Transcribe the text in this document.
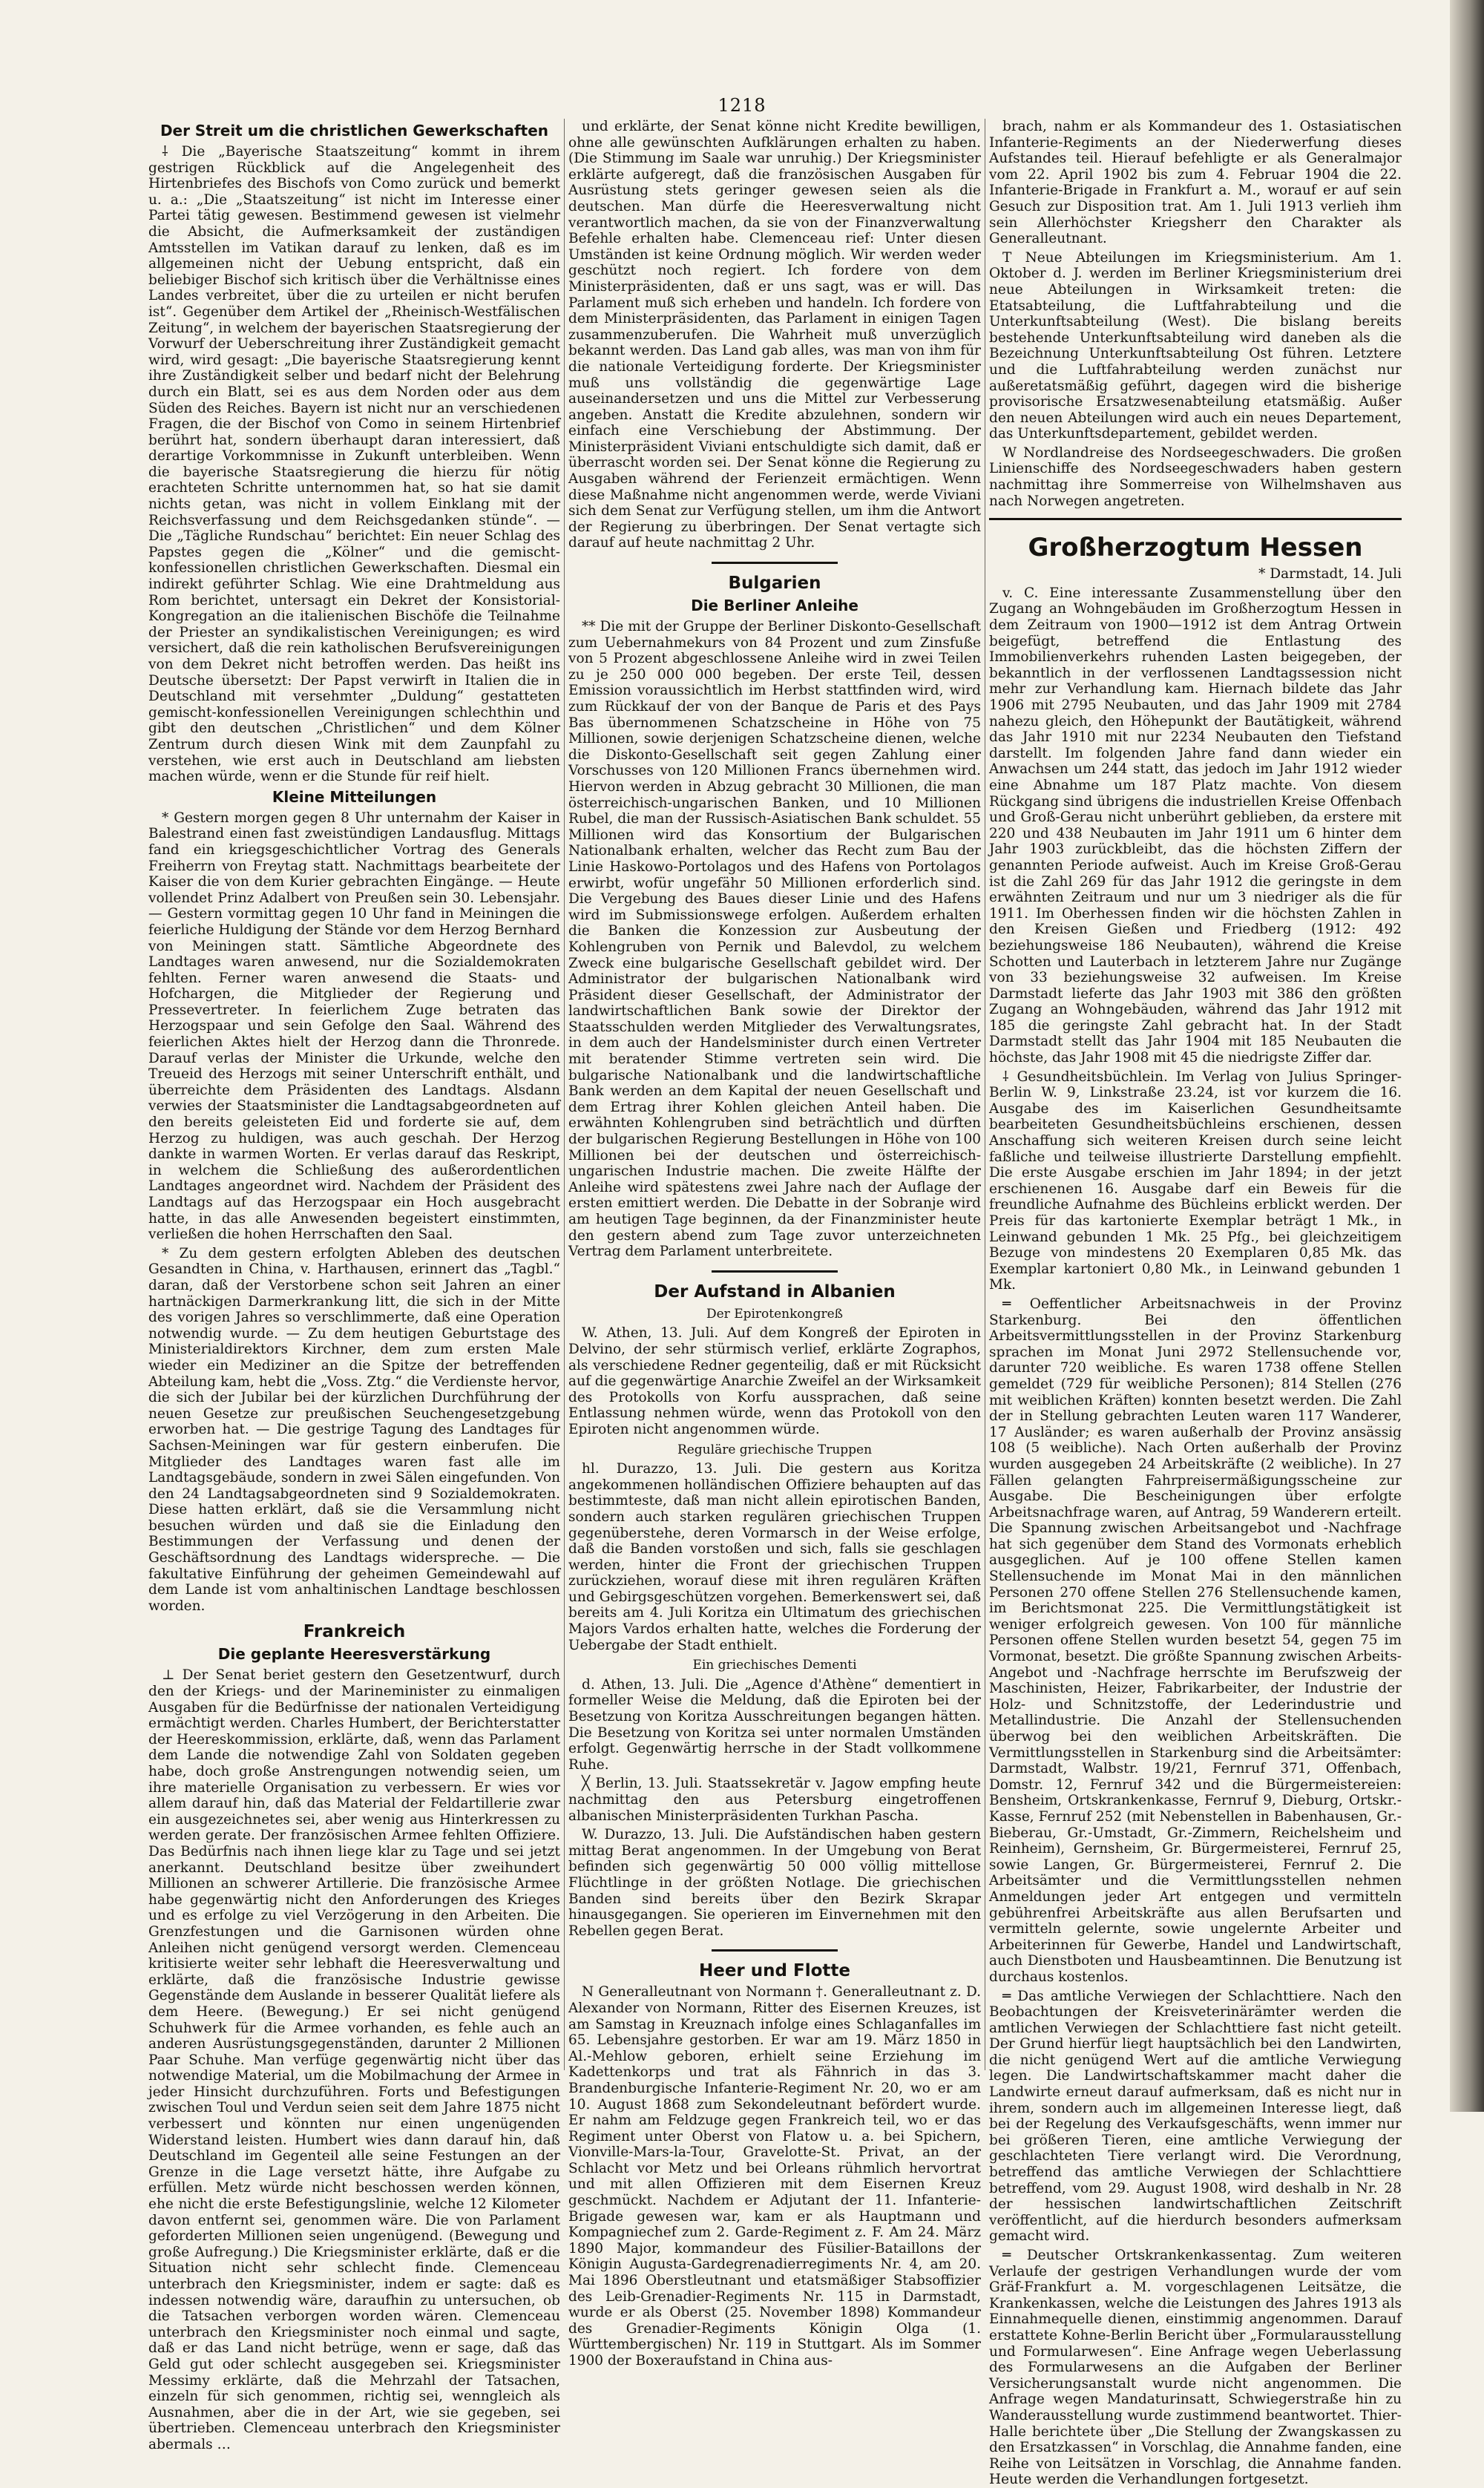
1218
Der Streit um die christlichen Gewerkschaften

⸸ Die „Bayerische Staatszeitung“ kommt in ihrem gestrigen Rückblick auf die Angelegenheit des Hirtenbriefes des Bischofs von Como zurück und bemerkt u. a.: „Die „Staatszeitung“ ist nicht im Interesse einer Partei tätig gewesen. Bestimmend gewesen ist vielmehr die Absicht, die Aufmerksamkeit der zuständigen Amtsstellen im Vatikan darauf zu lenken, daß es im allgemeinen nicht der Uebung entspricht, daß ein beliebiger Bischof sich kritisch über die Verhältnisse eines Landes verbreitet, über die zu urteilen er nicht berufen ist“. Gegenüber dem Artikel der „Rheinisch-Westfälischen Zeitung“, in welchem der bayerischen Staatsregierung der Vorwurf der Ueberschreitung ihrer Zuständigkeit gemacht wird, wird gesagt: „Die bayerische Staatsregierung kennt ihre Zuständigkeit selber und bedarf nicht der Belehrung durch ein Blatt, sei es aus dem Norden oder aus dem Süden des Reiches. Bayern ist nicht nur an verschiedenen Fragen, die der Bischof von Como in seinem Hirtenbrief berührt hat, sondern überhaupt daran interessiert, daß derartige Vorkommnisse in Zukunft unterbleiben. Wenn die bayerische Staatsregierung die hierzu für nötig erachteten Schritte unternommen hat, so hat sie damit nichts getan, was nicht in vollem Einklang mit der Reichsverfassung und dem Reichsgedanken stünde“. — Die „Tägliche Rundschau“ berichtet: Ein neuer Schlag des Papstes gegen die „Kölner“ und die gemischt-konfessionellen christlichen Gewerkschaften. Diesmal ein indirekt geführter Schlag. Wie eine Drahtmeldung aus Rom berichtet, untersagt ein Dekret der Konsistorial-Kongregation an die italienischen Bischöfe die Teilnahme der Priester an syndikalistischen Vereinigungen; es wird versichert, daß die rein katholischen Berufsvereinigungen von dem Dekret nicht betroffen werden. Das heißt ins Deutsche übersetzt: Der Papst verwirft in Italien die in Deutschland mit versehmter „Duldung“ gestatteten gemischt-konfessionellen Vereinigungen schlechthin und gibt den deutschen „Christlichen“ und dem Kölner Zentrum durch diesen Wink mit dem Zaunpfahl zu verstehen, wie erst auch in Deutschland am liebsten machen würde, wenn er die Stunde für reif hielt.

Kleine Mitteilungen

* Gestern morgen gegen 8 Uhr unternahm der Kaiser in Balestrand einen fast zweistündigen Landausflug. Mittags fand ein kriegsgeschichtlicher Vortrag des Generals Freiherrn von Freytag statt. Nachmittags bearbeitete der Kaiser die von dem Kurier gebrachten Eingänge. — Heute vollendet Prinz Adalbert von Preußen sein 30. Lebensjahr. — Gestern vormittag gegen 10 Uhr fand in Meiningen die feierliche Huldigung der Stände vor dem Herzog Bernhard von Meiningen statt. Sämtliche Abgeordnete des Landtages waren anwesend, nur die Sozialdemokraten fehlten. Ferner waren anwesend die Staats- und Hofchargen, die Mitglieder der Regierung und Pressevertreter. In feierlichem Zuge betraten das Herzogspaar und sein Gefolge den Saal. Während des feierlichen Aktes hielt der Herzog dann die Thronrede. Darauf verlas der Minister die Urkunde, welche den Treueid des Herzogs mit seiner Unterschrift enthält, und überreichte dem Präsidenten des Landtags. Alsdann verwies der Staatsminister die Landtagsabgeordneten auf den bereits geleisteten Eid und forderte sie auf, dem Herzog zu huldigen, was auch geschah. Der Herzog dankte in warmen Worten. Er verlas darauf das Reskript, in welchem die Schließung des außerordentlichen Landtages angeordnet wird. Nachdem der Präsident des Landtags auf das Herzogspaar ein Hoch ausgebracht hatte, in das alle Anwesenden begeistert einstimmten, verließen die hohen Herrschaften den Saal.

* Zu dem gestern erfolgten Ableben des deutschen Gesandten in China, v. Harthausen, erinnert das „Tagbl.“ daran, daß der Verstorbene schon seit Jahren an einer hartnäckigen Darmerkrankung litt, die sich in der Mitte des vorigen Jahres so verschlimmerte, daß eine Operation notwendig wurde. — Zu dem heutigen Geburtstage des Ministerialdirektors Kirchner, dem zum ersten Male wieder ein Mediziner an die Spitze der betreffenden Abteilung kam, hebt die „Voss. Ztg.“ die Verdienste hervor, die sich der Jubilar bei der kürzlichen Durchführung der neuen Gesetze zur preußischen Seuchengesetzgebung erworben hat. — Die gestrige Tagung des Landtages für Sachsen-Meiningen war für gestern einberufen. Die Mitglieder des Landtages waren fast alle im Landtagsgebäude, sondern in zwei Sälen eingefunden. Von den 24 Landtagsabgeordneten sind 9 Sozialdemokraten. Diese hatten erklärt, daß sie die Versammlung nicht besuchen würden und daß sie die Einladung den Bestimmungen der Verfassung und denen der Geschäftsordnung des Landtags widerspreche. — Die fakultative Einführung der geheimen Gemeindewahl auf dem Lande ist vom anhaltinischen Landtage beschlossen worden.

Frankreich
Die geplante Heeresverstärkung

⊥ Der Senat beriet gestern den Gesetzentwurf, durch den der Kriegs- und der Marineminister zu einmaligen Ausgaben für die Bedürfnisse der nationalen Verteidigung ermächtigt werden. Charles Humbert, der Berichterstatter der Heereskommission, erklärte, daß, wenn das Parlament dem Lande die notwendige Zahl von Soldaten gegeben habe, doch große Anstrengungen notwendig seien, um ihre materielle Organisation zu verbessern. Er wies vor allem darauf hin, daß das Material der Feldartillerie zwar ein ausgezeichnetes sei, aber wenig aus Hinterkressen zu werden gerate. Der französischen Armee fehlten Offiziere. Das Bedürfnis nach ihnen liege klar zu Tage und sei jetzt anerkannt. Deutschland besitze über zweihundert Millionen an schwerer Artillerie. Die französische Armee habe gegenwärtig nicht den Anforderungen des Krieges und es erfolge zu viel Verzögerung in den Arbeiten. Die Grenzfestungen und die Garnisonen würden ohne Anleihen nicht genügend versorgt werden. Clemenceau kritisierte weiter sehr lebhaft die Heeresverwaltung und erklärte, daß die französische Industrie gewisse Gegenstände dem Auslande in besserer Qualität liefere als dem Heere. (Bewegung.) Er sei nicht genügend Schuhwerk für die Armee vorhanden, es fehle auch an anderen Ausrüstungsgegenständen, darunter 2 Millionen Paar Schuhe. Man verfüge gegenwärtig nicht über das notwendige Material, um die Mobilmachung der Armee in jeder Hinsicht durchzuführen. Forts und Befestigungen zwischen Toul und Verdun seien seit dem Jahre 1875 nicht verbessert und könnten nur einen ungenügenden Widerstand leisten. Humbert wies dann darauf hin, daß Deutschland im Gegenteil alle seine Festungen an der Grenze in die Lage versetzt hätte, ihre Aufgabe zu erfüllen. Metz würde nicht beschossen werden können, ehe nicht die erste Befestigungslinie, welche 12 Kilometer davon entfernt sei, genommen wäre. Die von Parlament geforderten Millionen seien ungenügend. (Bewegung und große Aufregung.) Die Kriegsminister erklärte, daß er die Situation nicht sehr schlecht finde. Clemenceau unterbrach den Kriegsminister, indem er sagte: daß es indessen notwendig wäre, daraufhin zu untersuchen, ob die Tatsachen verborgen worden wären. Clemenceau unterbrach den Kriegsminister noch einmal und sagte, daß er das Land nicht betrüge, wenn er sage, daß das Geld gut oder schlecht ausgegeben sei. Kriegsminister Messimy erklärte, daß die Mehrzahl der Tatsachen, einzeln für sich genommen, richtig sei, wenngleich als Ausnahmen, aber die in der Art, wie sie gegeben, sei übertrieben. Clemenceau unterbrach den Kriegsminister abermals …

und erklärte, der Senat könne nicht Kredite bewilligen, ohne alle gewünschten Aufklärungen erhalten zu haben. (Die Stimmung im Saale war unruhig.) Der Kriegsminister erklärte aufgeregt, daß die französischen Ausgaben für Ausrüstung stets geringer gewesen seien als die deutschen. Man dürfe die Heeresverwaltung nicht verantwortlich machen, da sie von der Finanzverwaltung Befehle erhalten habe. Clemenceau rief: Unter diesen Umständen ist keine Ordnung möglich. Wir werden weder geschützt noch regiert. Ich fordere von dem Ministerpräsidenten, daß er uns sagt, was er will. Das Parlament muß sich erheben und handeln. Ich fordere von dem Ministerpräsidenten, das Parlament in einigen Tagen zusammenzuberufen. Die Wahrheit muß unverzüglich bekannt werden. Das Land gab alles, was man von ihm für die nationale Verteidigung forderte. Der Kriegsminister muß uns vollständig die gegenwärtige Lage auseinandersetzen und uns die Mittel zur Verbesserung angeben. Anstatt die Kredite abzulehnen, sondern wir einfach eine Verschiebung der Abstimmung. Der Ministerpräsident Viviani entschuldigte sich damit, daß er überrascht worden sei. Der Senat könne die Regierung zu Ausgaben während der Ferienzeit ermächtigen. Wenn diese Maßnahme nicht angenommen werde, werde Viviani sich dem Senat zur Verfügung stellen, um ihm die Antwort der Regierung zu überbringen. Der Senat vertagte sich darauf auf heute nachmittag 2 Uhr.

Bulgarien
Die Berliner Anleihe

** Die mit der Gruppe der Berliner Diskonto-Gesellschaft zum Uebernahmekurs von 84 Prozent und zum Zinsfuße von 5 Prozent abgeschlossene Anleihe wird in zwei Teilen zu je 250 000 000 begeben. Der erste Teil, dessen Emission voraussichtlich im Herbst stattfinden wird, wird zum Rückkauf der von der Banque de Paris et des Pays Bas übernommenen Schatzscheine in Höhe von 75 Millionen, sowie derjenigen Schatzscheine dienen, welche die Diskonto-Gesellschaft seit gegen Zahlung einer Vorschusses von 120 Millionen Francs übernehmen wird. Hiervon werden in Abzug gebracht 30 Millionen, die man österreichisch-ungarischen Banken, und 10 Millionen Rubel, die man der Russisch-Asiatischen Bank schuldet. 55 Millionen wird das Konsortium der Bulgarischen Nationalbank erhalten, welcher das Recht zum Bau der Linie Haskowo-Portolagos und des Hafens von Portolagos erwirbt, wofür ungefähr 50 Millionen erforderlich sind. Die Vergebung des Baues dieser Linie und des Hafens wird im Submissionswege erfolgen. Außerdem erhalten die Banken die Konzession zur Ausbeutung der Kohlengruben von Pernik und Balevdol, zu welchem Zweck eine bulgarische Gesellschaft gebildet wird. Der Administrator der bulgarischen Nationalbank wird Präsident dieser Gesellschaft, der Administrator der landwirtschaftlichen Bank sowie der Direktor der Staatsschulden werden Mitglieder des Verwaltungsrates, in dem auch der Handelsminister durch einen Vertreter mit beratender Stimme vertreten sein wird. Die bulgarische Nationalbank und die landwirtschaftliche Bank werden an dem Kapital der neuen Gesellschaft und dem Ertrag ihrer Kohlen gleichen Anteil haben. Die erwähnten Kohlengruben sind beträchtlich und dürften der bulgarischen Regierung Bestellungen in Höhe von 100 Millionen bei der deutschen und österreichisch-ungarischen Industrie machen. Die zweite Hälfte der Anleihe wird spätestens zwei Jahre nach der Auflage der ersten emittiert werden. Die Debatte in der Sobranje wird am heutigen Tage beginnen, da der Finanzminister heute den gestern abend zum Tage zuvor unterzeichneten Vertrag dem Parlament unterbreitete.

Der Aufstand in Albanien
Der Epirotenkongreß

W. Athen, 13. Juli. Auf dem Kongreß der Epiroten in Delvino, der sehr stürmisch verlief, erklärte Zographos, als verschiedene Redner gegenteilig, daß er mit Rücksicht auf die gegenwärtige Anarchie Zweifel an der Wirksamkeit des Protokolls von Korfu aussprachen, daß seine Entlassung nehmen würde, wenn das Protokoll von den Epiroten nicht angenommen würde.

Reguläre griechische Truppen

hl. Durazzo, 13. Juli. Die gestern aus Koritza angekommenen holländischen Offiziere behaupten auf das bestimmteste, daß man nicht allein epirotischen Banden, sondern auch starken regulären griechischen Truppen gegenüberstehe, deren Vormarsch in der Weise erfolge, daß die Banden vorstoßen und sich, falls sie geschlagen werden, hinter die Front der griechischen Truppen zurückziehen, worauf diese mit ihren regulären Kräften und Gebirgsgeschützen vorgehen. Bemerkenswert sei, daß bereits am 4. Juli Koritza ein Ultimatum des griechischen Majors Vardos erhalten hatte, welches die Forderung der Uebergabe der Stadt enthielt.

Ein griechisches Dementi

d. Athen, 13. Juli. Die „Agence d'Athène“ dementiert in formeller Weise die Meldung, daß die Epiroten bei der Besetzung von Koritza Ausschreitungen begangen hätten. Die Besetzung von Koritza sei unter normalen Umständen erfolgt. Gegenwärtig herrsche in der Stadt vollkommene Ruhe.

╳ Berlin, 13. Juli. Staatssekretär v. Jagow empfing heute nachmittag den aus Petersburg eingetroffenen albanischen Ministerpräsidenten Turkhan Pascha.

W. Durazzo, 13. Juli. Die Aufständischen haben gestern mittag Berat angenommen. In der Umgebung von Berat befinden sich gegenwärtig 50 000 völlig mittellose Flüchtlinge in der größten Notlage. Die griechischen Banden sind bereits über den Bezirk Skrapar hinausgegangen. Sie operieren im Einvernehmen mit den Rebellen gegen Berat.

Heer und Flotte

N Generalleutnant von Normann †. Generalleutnant z. D. Alexander von Normann, Ritter des Eisernen Kreuzes, ist am Samstag in Kreuznach infolge eines Schlaganfalles im 65. Lebensjahre gestorben. Er war am 19. März 1850 in Al.-Mehlow geboren, erhielt seine Erziehung im Kadettenkorps und trat als Fähnrich in das 3. Brandenburgische Infanterie-Regiment Nr. 20, wo er am 10. August 1868 zum Sekondeleutnant befördert wurde. Er nahm am Feldzuge gegen Frankreich teil, wo er das Regiment unter Oberst von Flatow u. a. bei Spichern, Vionville-Mars-la-Tour, Gravelotte-St. Privat, an der Schlacht vor Metz und bei Orleans rühmlich hervortrat und mit allen Offizieren mit dem Eisernen Kreuz geschmückt. Nachdem er Adjutant der 11. Infanterie-Brigade gewesen war, kam er als Hauptmann und Kompagniechef zum 2. Garde-Regiment z. F. Am 24. März 1890 Major, kommandeur des Füsilier-Bataillons der Königin Augusta-Gardegrenadierregiments Nr. 4, am 20. Mai 1896 Oberstleutnant und etatsmäßiger Stabsoffizier des Leib-Grenadier-Regiments Nr. 115 in Darmstadt, wurde er als Oberst (25. November 1898) Kommandeur des Grenadier-Regiments Königin Olga (1. Württembergischen) Nr. 119 in Stuttgart. Als im Sommer 1900 der Boxeraufstand in China aus-

brach, nahm er als Kommandeur des 1. Ostasiatischen Infanterie-Regiments an der Niederwerfung dieses Aufstandes teil. Hierauf befehligte er als Generalmajor vom 22. April 1902 bis zum 4. Februar 1904 die 22. Infanterie-Brigade in Frankfurt a. M., worauf er auf sein Gesuch zur Disposition trat. Am 1. Juli 1913 verlieh ihm sein Allerhöchster Kriegsherr den Charakter als Generalleutnant.

T Neue Abteilungen im Kriegsministerium. Am 1. Oktober d. J. werden im Berliner Kriegsministerium drei neue Abteilungen in Wirksamkeit treten: die Etatsabteilung, die Luftfahrabteilung und die Unterkunftsabteilung (West). Die bislang bereits bestehende Unterkunftsabteilung wird daneben als die Bezeichnung Unterkunftsabteilung Ost führen. Letztere und die Luftfahrabteilung werden zunächst nur außeretatsmäßig geführt, dagegen wird die bisherige provisorische Ersatzwesenabteilung etatsmäßig. Außer den neuen Abteilungen wird auch ein neues Departement, das Unterkunftsdepartement, gebildet werden.

W Nordlandreise des Nordseegeschwaders. Die großen Linienschiffe des Nordseegeschwaders haben gestern nachmittag ihre Sommerreise von Wilhelmshaven aus nach Norwegen angetreten.

Großherzogtum Hessen

* Darmstadt, 14. Juli

v. C. Eine interessante Zusammenstellung über den Zugang an Wohngebäuden im Großherzogtum Hessen in dem Zeitraum von 1900—1912 ist dem Antrag Ortwein beigefügt, betreffend die Entlastung des Immobilienverkehrs ruhenden Lasten beigegeben, der bekanntlich in der verflossenen Landtagssession nicht mehr zur Verhandlung kam. Hiernach bildete das Jahr 1906 mit 2795 Neubauten, und das Jahr 1909 mit 2784 nahezu gleich, den Höhepunkt der Bautätigkeit, während das Jahr 1910 mit nur 2234 Neubauten den Tiefstand darstellt. Im folgenden Jahre fand dann wieder ein Anwachsen um 244 statt, das jedoch im Jahr 1912 wieder eine Abnahme um 187 Platz machte. Von diesem Rückgang sind übrigens die industriellen Kreise Offenbach und Groß-Gerau nicht unberührt geblieben, da erstere mit 220 und 438 Neubauten im Jahr 1911 um 6 hinter dem Jahr 1903 zurückbleibt, das die höchsten Ziffern der genannten Periode aufweist. Auch im Kreise Groß-Gerau ist die Zahl 269 für das Jahr 1912 die geringste in dem erwähnten Zeitraum und nur um 3 niedriger als die für 1911. Im Oberhessen finden wir die höchsten Zahlen in den Kreisen Gießen und Friedberg (1912: 492 beziehungsweise 186 Neubauten), während die Kreise Schotten und Lauterbach in letzterem Jahre nur Zugänge von 33 beziehungsweise 32 aufweisen. Im Kreise Darmstadt lieferte das Jahr 1903 mit 386 den größten Zugang an Wohngebäuden, während das Jahr 1912 mit 185 die geringste Zahl gebracht hat. In der Stadt Darmstadt stellt das Jahr 1904 mit 185 Neubauten die höchste, das Jahr 1908 mit 45 die niedrigste Ziffer dar.

⸸ Gesundheitsbüchlein. Im Verlag von Julius Springer-Berlin W. 9, Linkstraße 23.24, ist vor kurzem die 16. Ausgabe des im Kaiserlichen Gesundheitsamte bearbeiteten Gesundheitsbüchleins erschienen, dessen Anschaffung sich weiteren Kreisen durch seine leicht faßliche und teilweise illustrierte Darstellung empfiehlt. Die erste Ausgabe erschien im Jahr 1894; in der jetzt erschienenen 16. Ausgabe darf ein Beweis für die freundliche Aufnahme des Büchleins erblickt werden. Der Preis für das kartonierte Exemplar beträgt 1 Mk., in Leinwand gebunden 1 Mk. 25 Pfg., bei gleichzeitigem Bezuge von mindestens 20 Exemplaren 0,85 Mk. das Exemplar kartoniert 0,80 Mk., in Leinwand gebunden 1 Mk.

═ Oeffentlicher Arbeitsnachweis in der Provinz Starkenburg. Bei den öffentlichen Arbeitsvermittlungsstellen in der Provinz Starkenburg sprachen im Monat Juni 2972 Stellensuchende vor, darunter 720 weibliche. Es waren 1738 offene Stellen gemeldet (729 für weibliche Personen); 814 Stellen (276 mit weiblichen Kräften) konnten besetzt werden. Die Zahl der in Stellung gebrachten Leuten waren 117 Wanderer, 17 Ausländer; es waren außerhalb der Provinz ansässig 108 (5 weibliche). Nach Orten außerhalb der Provinz wurden ausgegeben 24 Arbeitskräfte (2 weibliche). In 27 Fällen gelangten Fahrpreisermäßigungsscheine zur Ausgabe. Die Bescheinigungen über erfolgte Arbeitsnachfrage waren, auf Antrag, 59 Wanderern erteilt. Die Spannung zwischen Arbeitsangebot und -Nachfrage hat sich gegenüber dem Stand des Vormonats erheblich ausgeglichen. Auf je 100 offene Stellen kamen Stellensuchende im Monat Mai in den männlichen Personen 270 offene Stellen 276 Stellensuchende kamen, im Berichtsmonat 225. Die Vermittlungstätigkeit ist weniger erfolgreich gewesen. Von 100 für männliche Personen offene Stellen wurden besetzt 54, gegen 75 im Vormonat, besetzt. Die größte Spannung zwischen Arbeits-Angebot und -Nachfrage herrschte im Berufszweig der Maschinisten, Heizer, Fabrikarbeiter, der Industrie der Holz- und Schnitzstoffe, der Lederindustrie und Metallindustrie. Die Anzahl der Stellensuchenden überwog bei den weiblichen Arbeitskräften. Die Vermittlungsstellen in Starkenburg sind die Arbeitsämter: Darmstadt, Walbstr. 19/21, Fernruf 371, Offenbach, Domstr. 12, Fernruf 342 und die Bürgermeistereien: Bensheim, Ortskrankenkasse, Fernruf 9, Dieburg, Ortskr.-Kasse, Fernruf 252 (mit Nebenstellen in Babenhausen, Gr.-Bieberau, Gr.-Umstadt, Gr.-Zimmern, Reichelsheim und Reinheim), Gernsheim, Gr. Bürgermeisterei, Fernruf 25, sowie Langen, Gr. Bürgermeisterei, Fernruf 2. Die Arbeitsämter und die Vermittlungsstellen nehmen Anmeldungen jeder Art entgegen und vermitteln gebührenfrei Arbeitskräfte aus allen Berufsarten und vermitteln gelernte, sowie ungelernte Arbeiter und Arbeiterinnen für Gewerbe, Handel und Landwirtschaft, auch Dienstboten und Hausbeamtinnen. Die Benutzung ist durchaus kostenlos.

═ Das amtliche Verwiegen der Schlachttiere. Nach den Beobachtungen der Kreisveterinärämter werden die amtlichen Verwiegen der Schlachttiere fast nicht geteilt. Der Grund hierfür liegt hauptsächlich bei den Landwirten, die nicht genügend Wert auf die amtliche Verwiegung legen. Die Landwirtschaftskammer macht daher die Landwirte erneut darauf aufmerksam, daß es nicht nur in ihrem, sondern auch im allgemeinen Interesse liegt, daß bei der Regelung des Verkaufsgeschäfts, wenn immer nur bei größeren Tieren, eine amtliche Verwiegung der geschlachteten Tiere verlangt wird. Die Verordnung, betreffend das amtliche Verwiegen der Schlachttiere betreffend, vom 29. August 1908, wird deshalb in Nr. 28 der hessischen landwirtschaftlichen Zeitschrift veröffentlicht, auf die hierdurch besonders aufmerksam gemacht wird.

═ Deutscher Ortskrankenkassentag. Zum weiteren Verlaufe der gestrigen Verhandlungen wurde der vom Gräf-Frankfurt a. M. vorgeschlagenen Leitsätze, die Krankenkassen, welche die Leistungen des Jahres 1913 als Einnahmequelle dienen, einstimmig angenommen. Darauf erstattete Kohne-Berlin Bericht über „Formularausstellung und Formularwesen“. Eine Anfrage wegen Ueberlassung des Formularwesens an die Aufgaben der Berliner Versicherungsanstalt wurde nicht angenommen. Die Anfrage wegen Mandaturinsatt, Schwiegerstraße hin zu Wanderausstellung wurde zustimmend beantwortet. Thier-Halle berichtete über „Die Stellung der Zwangskassen zu den Ersatzkassen“ in Vorschlag, die Annahme fanden, eine Reihe von Leitsätzen in Vorschlag, die Annahme fanden. Heute werden die Verhandlungen fortgesetzt.
